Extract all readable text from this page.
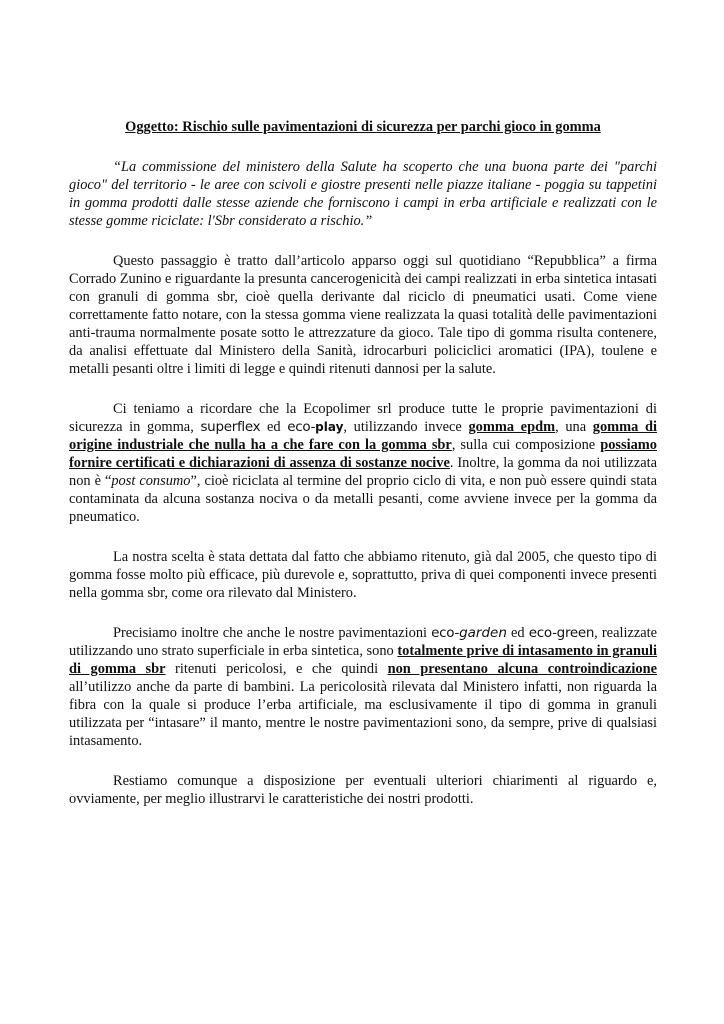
Oggetto: Rischio sulle pavimentazioni di sicurezza per parchi gioco in gomma

“La commissione del ministero della Salute ha scoperto che una buona parte dei "parchi gioco" del territorio - le aree con scivoli e giostre presenti nelle piazze italiane - poggia su tappetini in gomma prodotti dalle stesse aziende che forniscono i campi in erba artificiale e realizzati con le stesse gomme riciclate: l'Sbr considerato a rischio.”

Questo passaggio è tratto dall’articolo apparso oggi sul quotidiano “Repubblica” a firma Corrado Zunino e riguardante la presunta cancerogenicità dei campi realizzati in erba sintetica intasati con granuli di gomma sbr, cioè quella derivante dal riciclo di pneumatici usati. Come viene correttamente fatto notare, con la stessa gomma viene realizzata la quasi totalità delle pavimentazioni anti-trauma normalmente posate sotto le attrezzature da gioco. Tale tipo di gomma risulta contenere, da analisi effettuate dal Ministero della Sanità, idrocarburi policiclici aromatici (IPA), toulene e metalli pesanti oltre i limiti di legge e quindi ritenuti dannosi per la salute.

Ci teniamo a ricordare che la Ecopolimer srl produce tutte le proprie pavimentazioni di sicurezza in gomma, superflex ed eco-play, utilizzando invece gomma epdm, una gomma di origine industriale che nulla ha a che fare con la gomma sbr, sulla cui composizione possiamo fornire certificati e dichiarazioni di assenza di sostanze nocive. Inoltre, la gomma da noi utilizzata non è “post consumo”, cioè riciclata al termine del proprio ciclo di vita, e non può essere quindi stata contaminata da alcuna sostanza nociva o da metalli pesanti, come avviene invece per la gomma da pneumatico.

La nostra scelta è stata dettata dal fatto che abbiamo ritenuto, già dal 2005, che questo tipo di gomma fosse molto più efficace, più durevole e, soprattutto, priva di quei componenti invece presenti nella gomma sbr, come ora rilevato dal Ministero.

Precisiamo inoltre che anche le nostre pavimentazioni eco-garden ed eco-green, realizzate utilizzando uno strato superficiale in erba sintetica, sono totalmente prive di intasamento in granuli di gomma sbr ritenuti pericolosi, e che quindi non presentano alcuna controindicazione all’utilizzo anche da parte di bambini. La pericolosità rilevata dal Ministero infatti, non riguarda la fibra con la quale si produce l’erba artificiale, ma esclusivamente il tipo di gomma in granuli utilizzata per “intasare” il manto, mentre le nostre pavimentazioni sono, da sempre, prive di qualsiasi intasamento.

Restiamo comunque a disposizione per eventuali ulteriori chiarimenti al riguardo e, ovviamente, per meglio illustrarvi le caratteristiche dei nostri prodotti.
